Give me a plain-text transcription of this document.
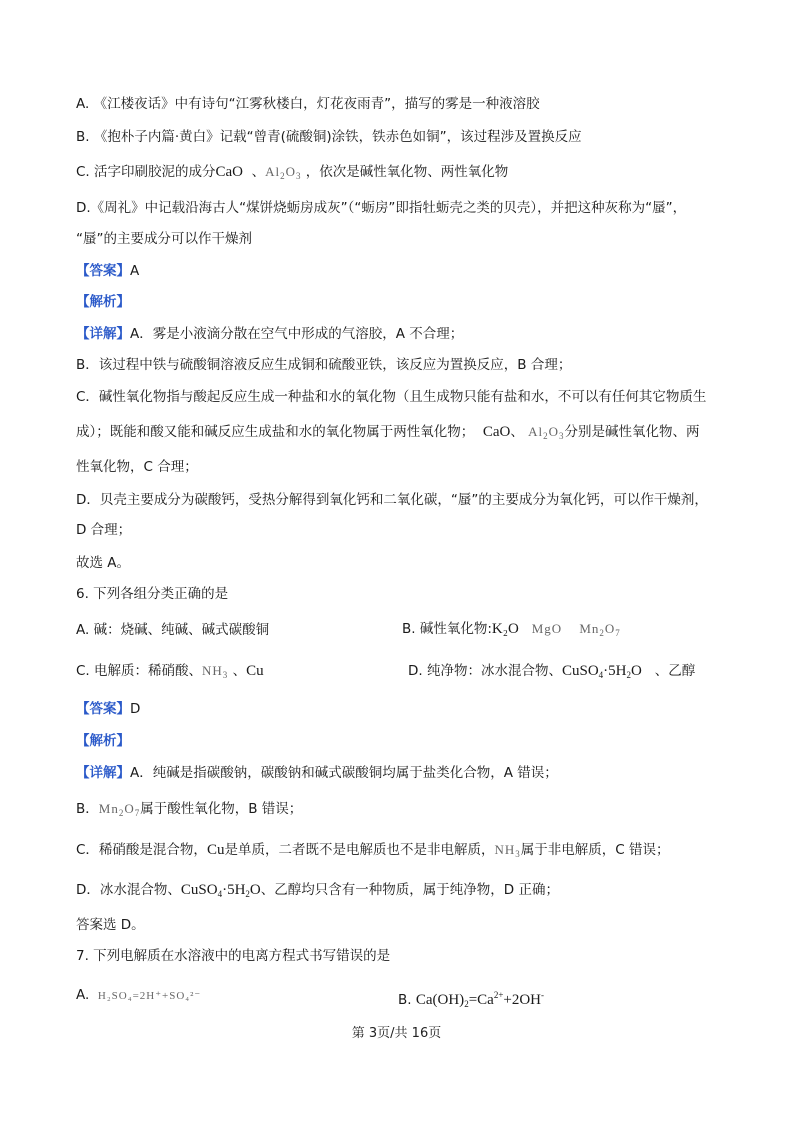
A. 《江楼夜话》中有诗句“江雾秋楼白，灯花夜雨青”，描写的雾是一种液溶胶
B. 《抱朴子内篇·黄白》记载“曾青(硫酸铜)涂铁，铁赤色如铜”，该过程涉及置换反应
C. 活字印刷胶泥的成分CaO  、$Al_2O_3$ ，依次是碱性氧化物、两性氧化物
D.《周礼》中记载沿海古人“煤饼烧蛎房成灰”（“蛎房”即指牡蛎壳之类的贝壳），并把这种灰称为“蜃”，
“蜃”的主要成分可以作干燥剂
【答案】A
【解析】
【详解】A．雾是小液滴分散在空气中形成的气溶胶，A 不合理；
B．该过程中铁与硫酸铜溶液反应生成铜和硫酸亚铁，该反应为置换反应，B 合理；
C．碱性氧化物指与酸起反应生成一种盐和水的氧化物（且生成物只能有盐和水，不可以有任何其它物质生
成）；既能和酸又能和碱反应生成盐和水的氧化物属于两性氧化物； CaO、 $Al_2O_3$分别是碱性氧化物、两
性氧化物，C 合理；
D．贝壳主要成分为碳酸钙，受热分解得到氧化钙和二氧化碳，“蜃”的主要成分为氧化钙，可以作干燥剂，
D 合理；
故选 A。
6. 下列各组分类正确的是
A. 碱：烧碱、纯碱、碱式碳酸铜	B. 碱性氧化物:K₂O MgO $Mn_2O_7$
C. 电解质：稀硝酸、$NH_3$ 、Cu	D. 纯净物：冰水混合物、$CuSO_4\cdot 5H_2O$ 、乙醇
【答案】D
【解析】
【详解】A．纯碱是指碳酸钠，碳酸钠和碱式碳酸铜均属于盐类化合物，A 错误；
B．$Mn_2O_7$属于酸性氧化物，B 错误；
C．稀硝酸是混合物，Cu是单质，二者既不是电解质也不是非电解质，$NH_3$属于非电解质，C 错误；
D．冰水混合物、$CuSO_4\cdot 5H_2O$、乙醇均只含有一种物质，属于纯净物，D 正确；
答案选 D。
7. 下列电解质在水溶液中的电离方程式书写错误的是
A. H₂SO₄=2H⁺+SO₄²⁻	B. $Ca(OH)_2=Ca^{2+}+2OH^-$
第 3页/共 16页
